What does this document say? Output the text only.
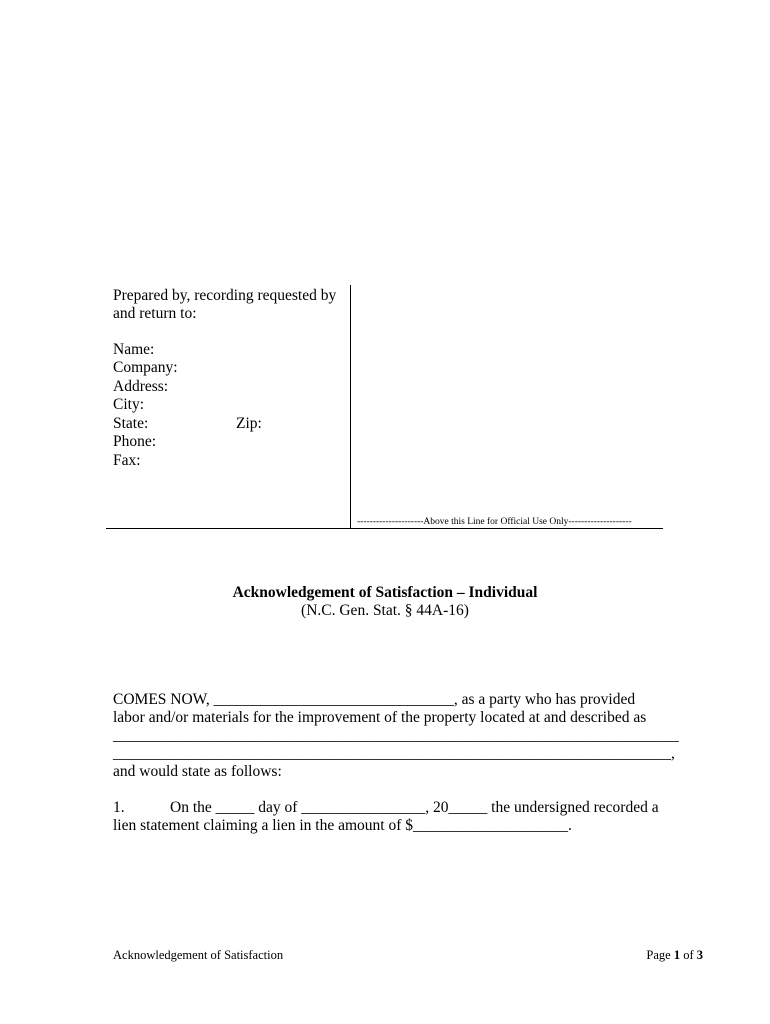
Prepared by, recording requested by
and return to:
Name:
Company:
Address:
City:
State:	Zip:
Phone:
Fax:
---------------------Above this Line for Official Use Only--------------------
Acknowledgement of Satisfaction – Individual
(N.C. Gen. Stat. § 44A-16)
COMES NOW, _______________________________, as a party who has provided
labor and/or materials for the improvement of the property located at and described as
_________________________________________________________________________
________________________________________________________________________,
and would state as follows:
1.	On the _____ day of ________________, 20_____ the undersigned recorded a
lien statement claiming a lien in the amount of $____________________.
Acknowledgement of Satisfaction	Page 1 of 3
